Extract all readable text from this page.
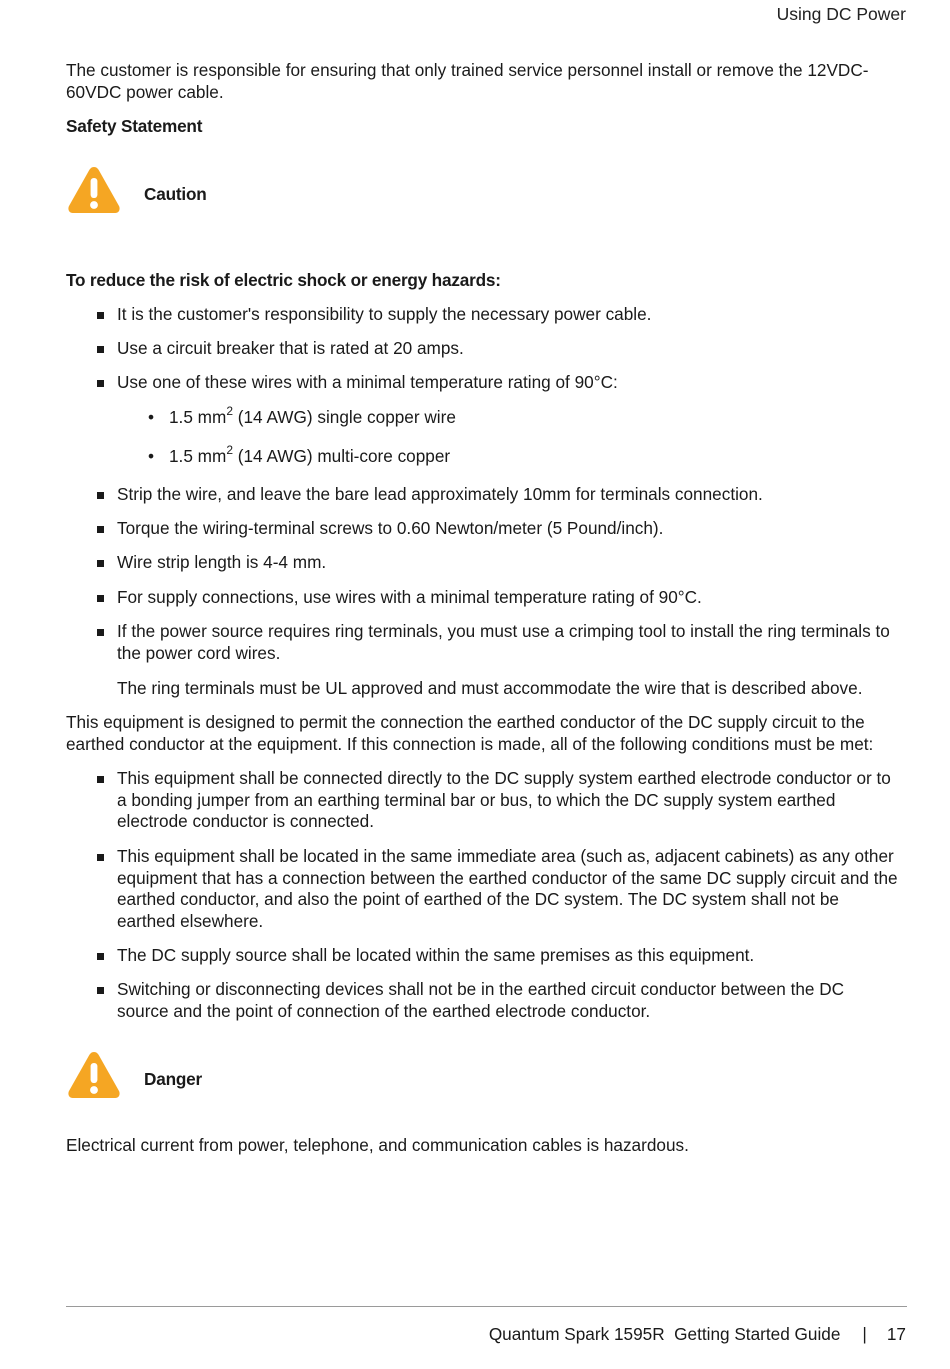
Using DC Power

The customer is responsible for ensuring that only trained service personnel install or remove the 12VDC-60VDC power cable.

Safety Statement
Caution
To reduce the risk of electric shock or energy hazards:
It is the customer's responsibility to supply the necessary power cable.
Use a circuit breaker that is rated at 20 amps.
Use one of these wires with a minimal temperature rating of 90°C:
• 1.5 $mm^2$ (14 AWG) single copper wire
• 1.5 $mm^2$ (14 AWG) multi-core copper
Strip the wire, and leave the bare lead approximately 10mm for terminals connection.
Torque the wiring-terminal screws to 0.60 Newton/meter (5 Pound/inch).
Wire strip length is 4-4 mm.
For supply connections, use wires with a minimal temperature rating of 90°C.
If the power source requires ring terminals, you must use a crimping tool to install the ring terminals to the power cord wires.
The ring terminals must be UL approved and must accommodate the wire that is described above.

This equipment is designed to permit the connection the earthed conductor of the DC supply circuit to the earthed conductor at the equipment. If this connection is made, all of the following conditions must be met:

This equipment shall be connected directly to the DC supply system earthed electrode conductor or to a bonding jumper from an earthing terminal bar or bus, to which the DC supply system earthed electrode conductor is connected.
This equipment shall be located in the same immediate area (such as, adjacent cabinets) as any other equipment that has a connection between the earthed conductor of the same DC supply circuit and the earthed conductor, and also the point of earthed of the DC system. The DC system shall not be earthed elsewhere.
The DC supply source shall be located within the same premises as this equipment.
Switching or disconnecting devices shall not be in the earthed circuit conductor between the DC source and the point of connection of the earthed electrode conductor.
Danger

Electrical current from power, telephone, and communication cables is hazardous.

Quantum Spark 1595R  Getting Started Guide | 17
